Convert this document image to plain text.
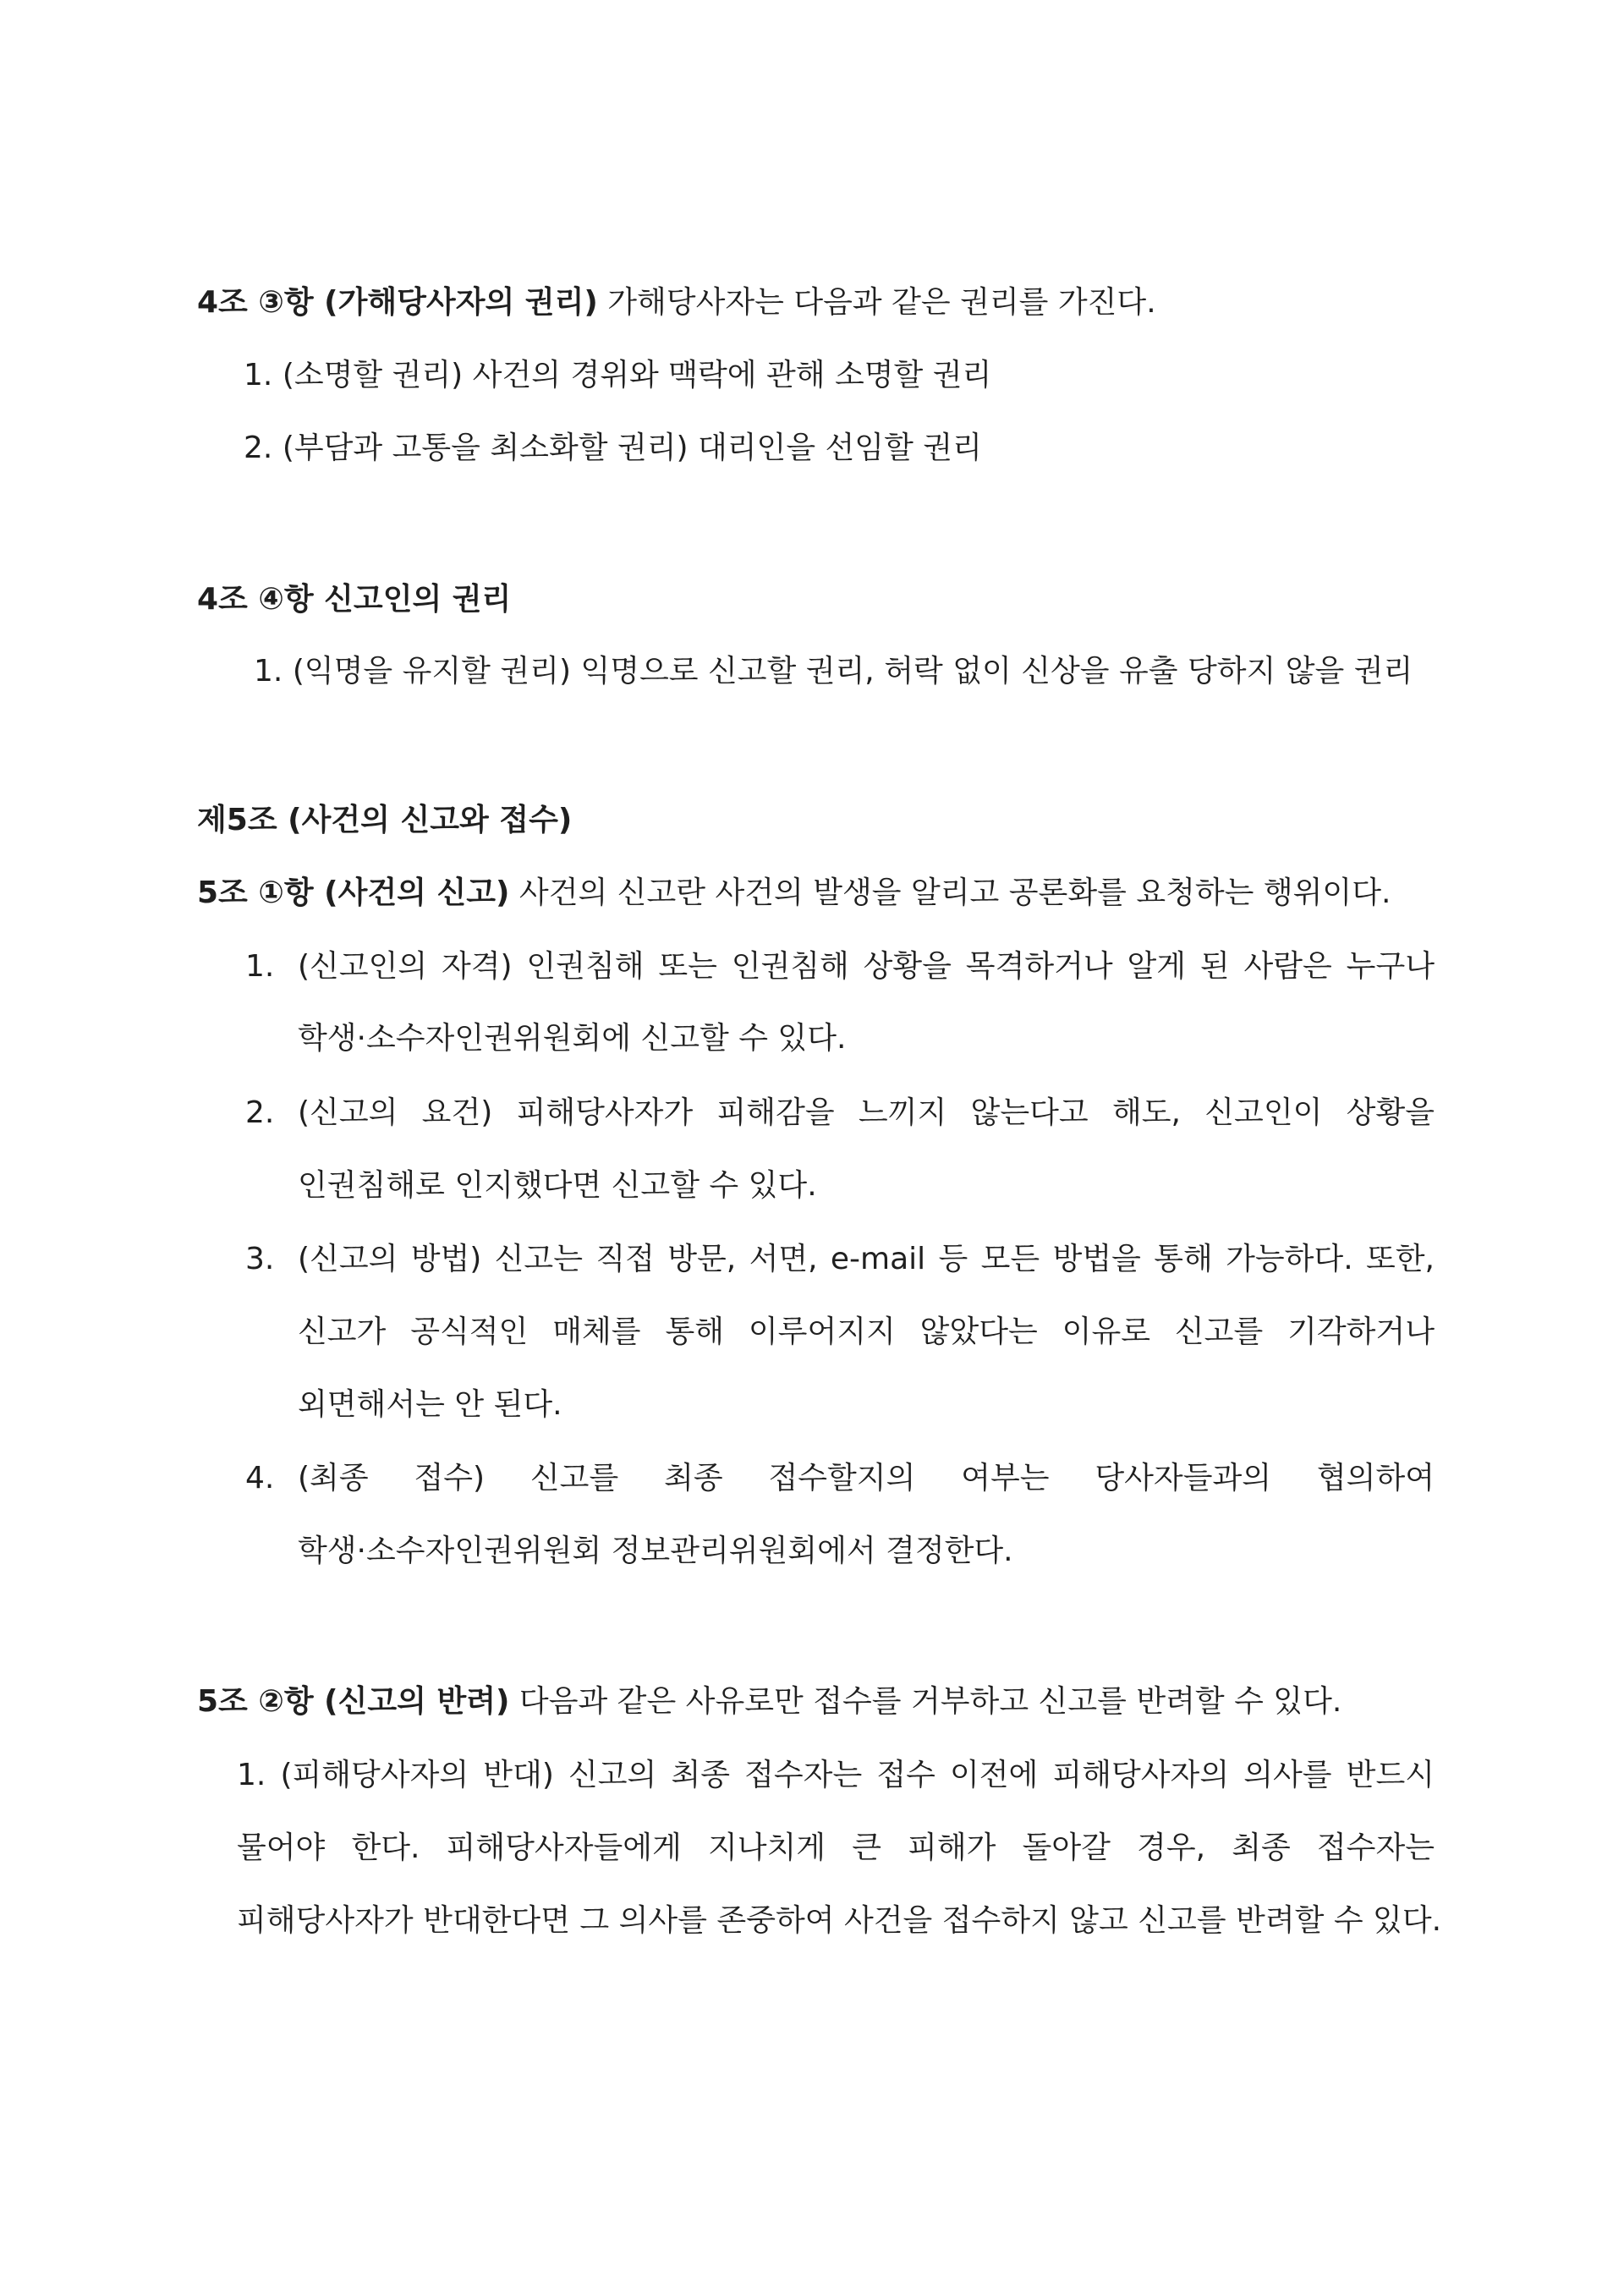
4조 ③항 (가해당사자의 권리) 가해당사자는 다음과 같은 권리를 가진다.
1. (소명할 권리) 사건의 경위와 맥락에 관해 소명할 권리
2. (부담과 고통을 최소화할 권리) 대리인을 선임할 권리
4조 ④항 신고인의 권리
1. (익명을 유지할 권리) 익명으로 신고할 권리, 허락 없이 신상을 유출 당하지 않을 권리
제5조 (사건의 신고와 접수)
5조 ①항 (사건의 신고) 사건의 신고란 사건의 발생을 알리고 공론화를 요청하는 행위이다.
1. (신고인의 자격) 인권침해 또는 인권침해 상황을 목격하거나 알게 된 사람은 누구나
학생·소수자인권위원회에 신고할 수 있다.
2. (신고의 요건) 피해당사자가 피해감을 느끼지 않는다고 해도, 신고인이 상황을
인권침해로 인지했다면 신고할 수 있다.
3. (신고의 방법) 신고는 직접 방문, 서면, e-mail 등 모든 방법을 통해 가능하다. 또한,
신고가 공식적인 매체를 통해 이루어지지 않았다는 이유로 신고를 기각하거나
외면해서는 안 된다.
4. (최종 접수) 신고를 최종 접수할지의 여부는 당사자들과의 협의하여
학생·소수자인권위원회 정보관리위원회에서 결정한다.
5조 ②항 (신고의 반려) 다음과 같은 사유로만 접수를 거부하고 신고를 반려할 수 있다.
1. (피해당사자의 반대) 신고의 최종 접수자는 접수 이전에 피해당사자의 의사를 반드시
물어야 한다. 피해당사자들에게 지나치게 큰 피해가 돌아갈 경우, 최종 접수자는
피해당사자가 반대한다면 그 의사를 존중하여 사건을 접수하지 않고 신고를 반려할 수 있다.
